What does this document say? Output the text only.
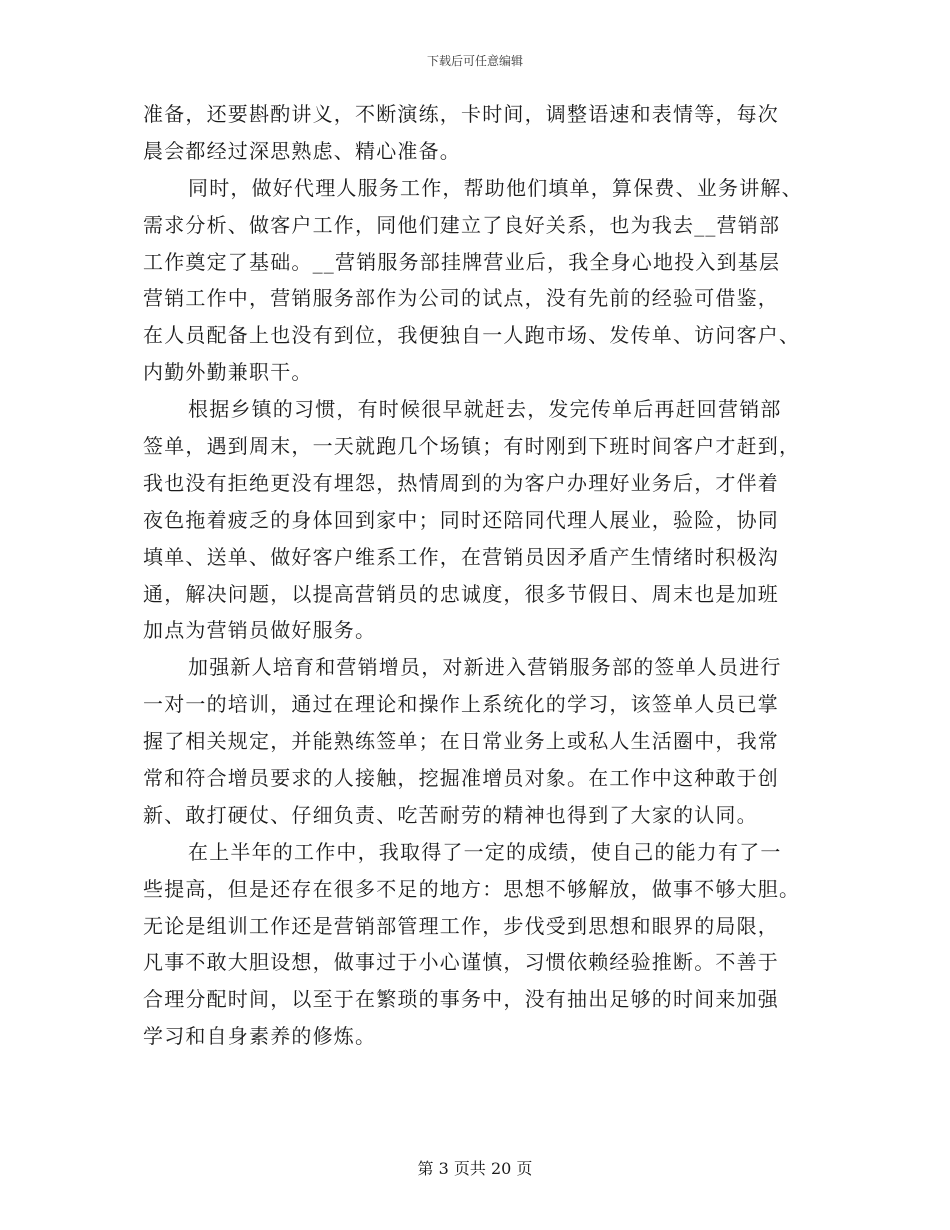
下载后可任意编辑
准备，还要斟酌讲义，不断演练，卡时间，调整语速和表情等，每次
晨会都经过深思熟虑、精心准备。
同时，做好代理人服务工作，帮助他们填单，算保费、业务讲解、
需求分析、做客户工作，同他们建立了良好关系，也为我去__营销部
工作奠定了基础。__营销服务部挂牌营业后，我全身心地投入到基层
营销工作中，营销服务部作为公司的试点，没有先前的经验可借鉴，
在人员配备上也没有到位，我便独自一人跑市场、发传单、访问客户、
内勤外勤兼职干。
根据乡镇的习惯，有时候很早就赶去，发完传单后再赶回营销部
签单，遇到周末，一天就跑几个场镇；有时刚到下班时间客户才赶到，
我也没有拒绝更没有埋怨，热情周到的为客户办理好业务后，才伴着
夜色拖着疲乏的身体回到家中；同时还陪同代理人展业，验险，协同
填单、送单、做好客户维系工作，在营销员因矛盾产生情绪时积极沟
通，解决问题，以提高营销员的忠诚度，很多节假日、周末也是加班
加点为营销员做好服务。
加强新人培育和营销增员，对新进入营销服务部的签单人员进行
一对一的培训，通过在理论和操作上系统化的学习，该签单人员已掌
握了相关规定，并能熟练签单；在日常业务上或私人生活圈中，我常
常和符合增员要求的人接触，挖掘准增员对象。在工作中这种敢于创
新、敢打硬仗、仔细负责、吃苦耐劳的精神也得到了大家的认同。
在上半年的工作中，我取得了一定的成绩，使自己的能力有了一
些提高，但是还存在很多不足的地方：思想不够解放，做事不够大胆。
无论是组训工作还是营销部管理工作，步伐受到思想和眼界的局限，
凡事不敢大胆设想，做事过于小心谨慎，习惯依赖经验推断。不善于
合理分配时间，以至于在繁琐的事务中，没有抽出足够的时间来加强
学习和自身素养的修炼。
第 3 页共 20 页
